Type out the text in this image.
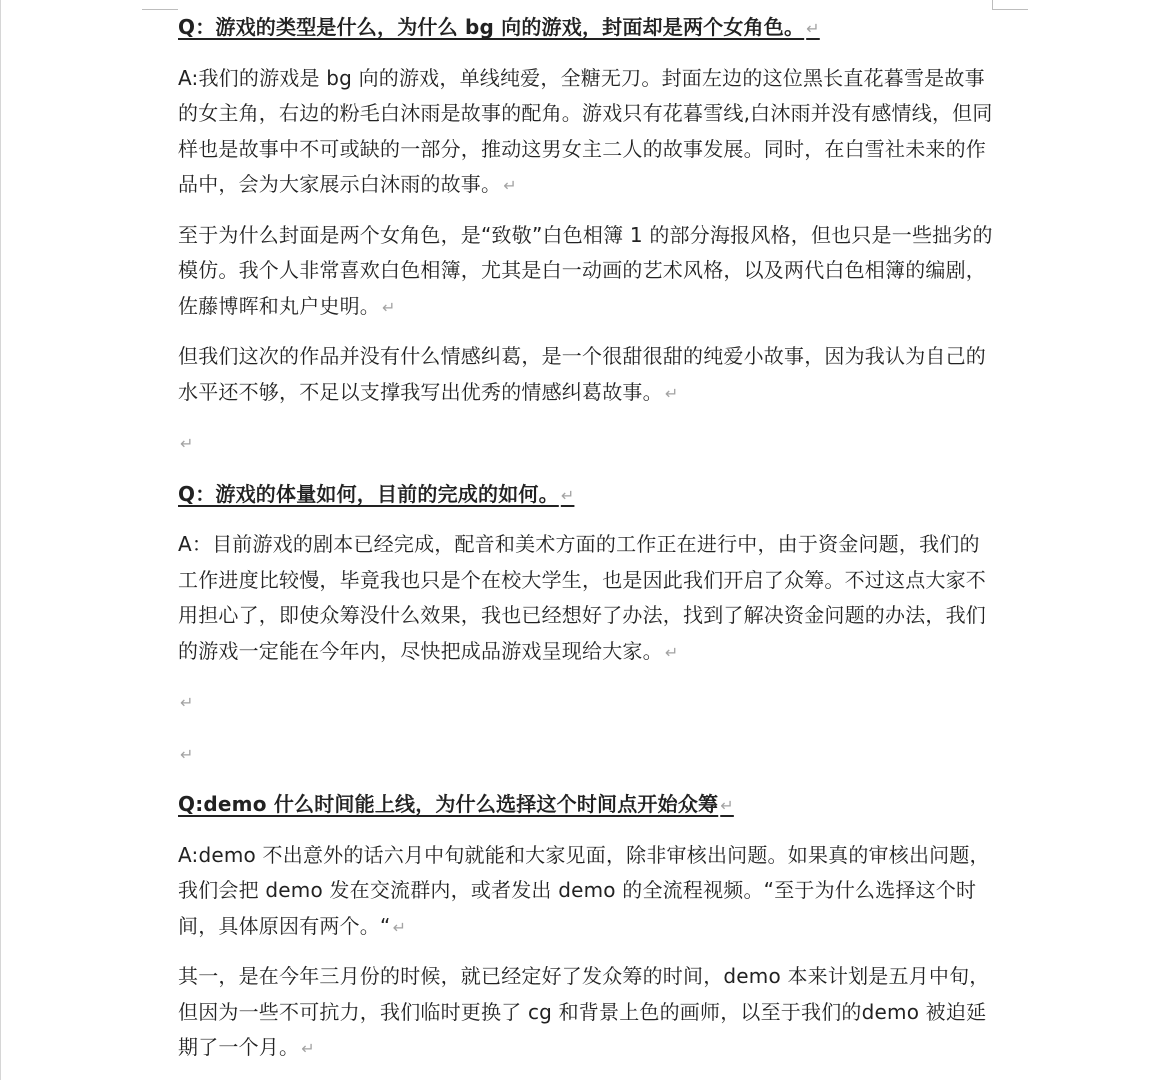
Q：游戏的类型是什么，为什么 bg 向的游戏，封面却是两个女角色。 ↵

A:我们的游戏是 bg 向的游戏，单线纯爱，全糖无刀。封面左边的这位黑长直花暮雪是故事的女主角，右边的粉毛白沐雨是故事的配角。游戏只有花暮雪线,白沐雨并没有感情线，但同样也是故事中不可或缺的一部分，推动这男女主二人的故事发展。同时，在白雪社未来的作品中，会为大家展示白沐雨的故事。 ↵

至于为什么封面是两个女角色，是“致敬”白色相簿 1 的部分海报风格，但也只是一些拙劣的模仿。我个人非常喜欢白色相簿，尤其是白一动画的艺术风格，以及两代白色相簿的编剧，佐藤博晖和丸户史明。 ↵

但我们这次的作品并没有什么情感纠葛，是一个很甜很甜的纯爱小故事，因为我认为自己的水平还不够，不足以支撑我写出优秀的情感纠葛故事。 ↵

↵

Q：游戏的体量如何，目前的完成的如何。 ↵

A：目前游戏的剧本已经完成，配音和美术方面的工作正在进行中，由于资金问题，我们的工作进度比较慢，毕竟我也只是个在校大学生，也是因此我们开启了众筹。不过这点大家不用担心了，即使众筹没什么效果，我也已经想好了办法，找到了解决资金问题的办法，我们的游戏一定能在今年内，尽快把成品游戏呈现给大家。 ↵

↵

↵

Q:demo 什么时间能上线，为什么选择这个时间点开始众筹 ↵

A:demo 不出意外的话六月中旬就能和大家见面，除非审核出问题。如果真的审核出问题，我们会把 demo 发在交流群内，或者发出 demo 的全流程视频。“至于为什么选择这个时间，具体原因有两个。“ ↵

其一，是在今年三月份的时候，就已经定好了发众筹的时间，demo 本来计划是五月中旬，但因为一些不可抗力，我们临时更换了 cg 和背景上色的画师，以至于我们的demo 被迫延期了一个月。 ↵
